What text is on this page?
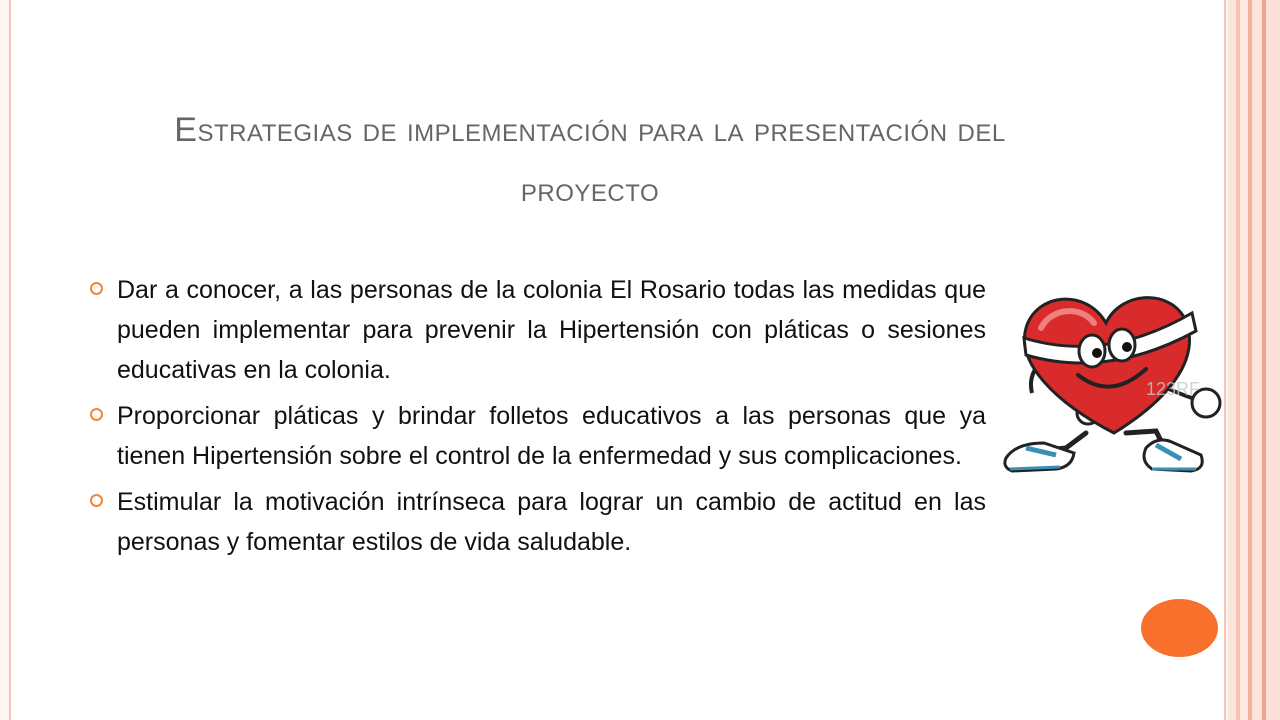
Estrategias de implementación para la presentación del proyecto
Dar a conocer, a las personas de la colonia El Rosario todas las medidas que pueden implementar para prevenir la Hipertensión con pláticas o sesiones educativas en la colonia.
Proporcionar pláticas y brindar folletos educativos a las personas que ya tienen Hipertensión sobre el control de la enfermedad y sus complicaciones.
Estimular la motivación intrínseca para lograr un cambio de actitud en las personas y fomentar estilos de vida saludable.
123RF
